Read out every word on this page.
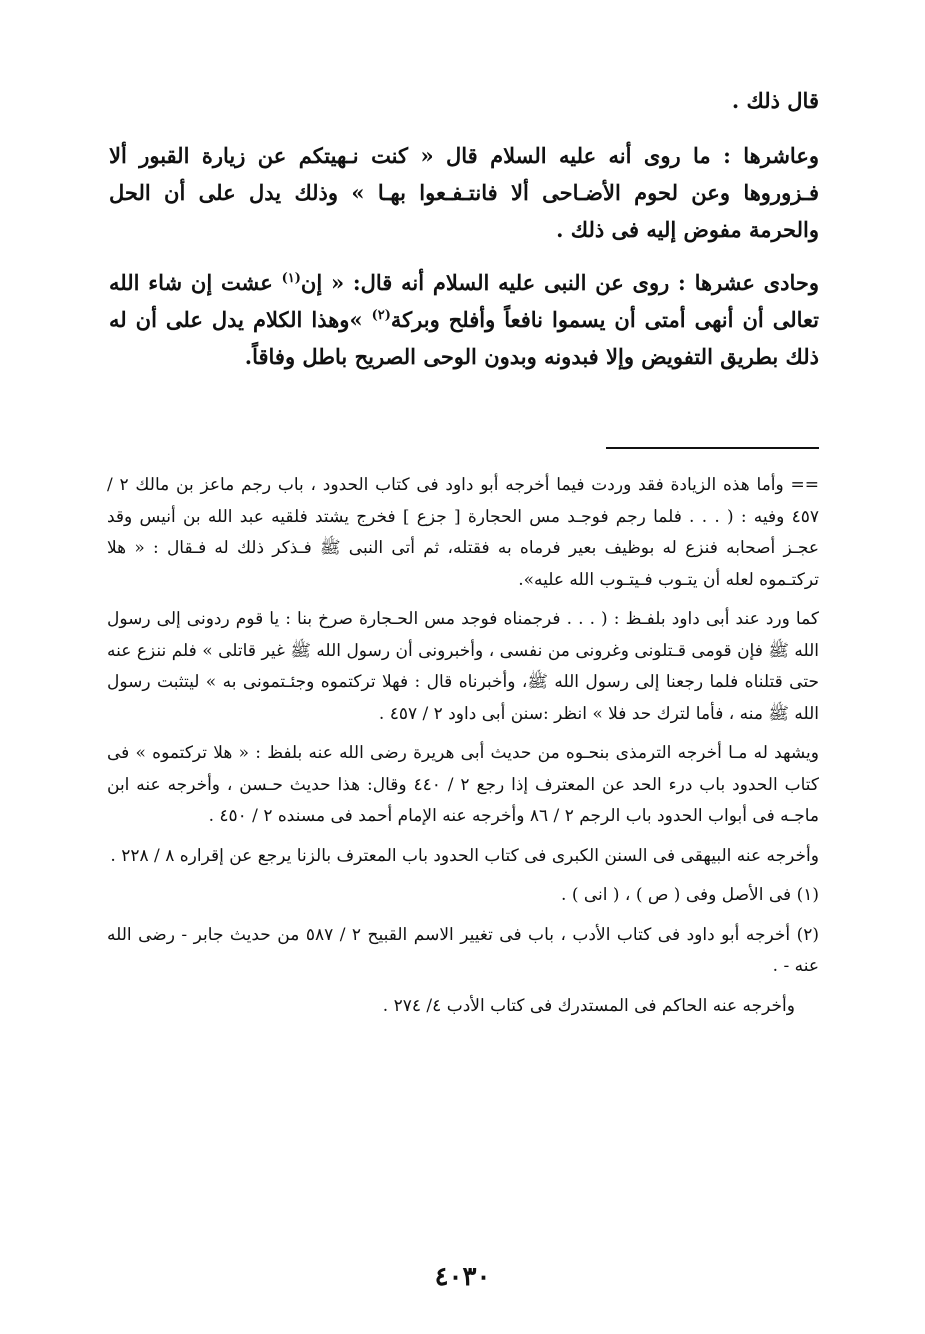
قال ذلك .

وعاشرها : ما روى أنه عليه السلام قال « كنت نـهيتكم عن زيارة القبور ألا فـزوروها وعن لحوم الأضـاحى ألا فانتـفـعوا بهـا » وذلك يدل على أن الحل والحرمة مفوض إليه فى ذلك .

وحادى عشرها : روى عن النبى عليه السلام أنه قال: « إن$^{(١)}$ عشت إن شاء الله تعالى أن أنهى أمتى أن يسموا نافعاً وأفلح وبركة$^{(٢)}$ »وهذا الكلام يدل على أن له ذلك بطريق التفويض وإلا فبدونه وبدون الوحى الصريح باطل وفاقاً.

== وأما هذه الزيادة فقد وردت فيما أخرجه أبو داود فى كتاب الحدود ، باب رجم ماعز بن مالك ٢ / ٤٥٧ وفيه : ( . . . فلما رجم فوجـد مس الحجارة [ جزع ] فخرج يشتد فلقيه عبد الله بن أنيس وقد عجـز أصحابه فنزع له بوظيف بعير فرماه به فقتله، ثم أتى النبى ﷺ فـذكر ذلك له فـقال : « هلا تركتـموه لعله أن يتـوب فـيتـوب الله عليه».

كما ورد عند أبى داود بلفـظ : ( . . . فرجمناه فوجد مس الحـجارة صرخ بنا : يا قوم ردونى إلى رسول الله ﷺ فإن قومى قـتلونى وغرونى من نفسى ، وأخبرونى أن رسول الله ﷺ غير قاتلى » فلم ننزع عنه حتى قتلناه فلما رجعنا إلى رسول الله ﷺ، وأخبرناه قال : فهلا تركتموه وجئـتمونى به » ليتثبت رسول الله ﷺ منه ، فأما لترك حد فلا » انظر :سنن أبى داود ٢ / ٤٥٧ .

ويشهد له مـا أخرجه الترمذى بنحـوه من حديث أبى هريرة رضى الله عنه بلفظ : « هلا تركتموه » فى كتاب الحدود باب درء الحد عن المعترف إذا رجع ٢ / ٤٤٠ وقال: هذا حديث حـسن ، وأخرجه عنه ابن ماجـه فى أبواب الحدود باب الرجم ٢ / ٨٦ وأخرجه عنه الإمام أحمد فى مسنده ٢ / ٤٥٠ .

وأخرجه عنه البيهقى فى السنن الكبرى فى كتاب الحدود باب المعترف بالزنا يرجع عن إقراره ٨ / ٢٢٨ .

(١) فى الأصل وفى ( ص ) ، ( انى ) .

(٢) أخرجه أبو داود فى كتاب الأدب ، باب فى تغيير الاسم القبيح ٢ / ٥٨٧ من حديث جابر - رضى الله عنه - .

وأخرجه عنه الحاكم فى المستدرك فى كتاب الأدب ٤/ ٢٧٤ .

٤٠٣٠
